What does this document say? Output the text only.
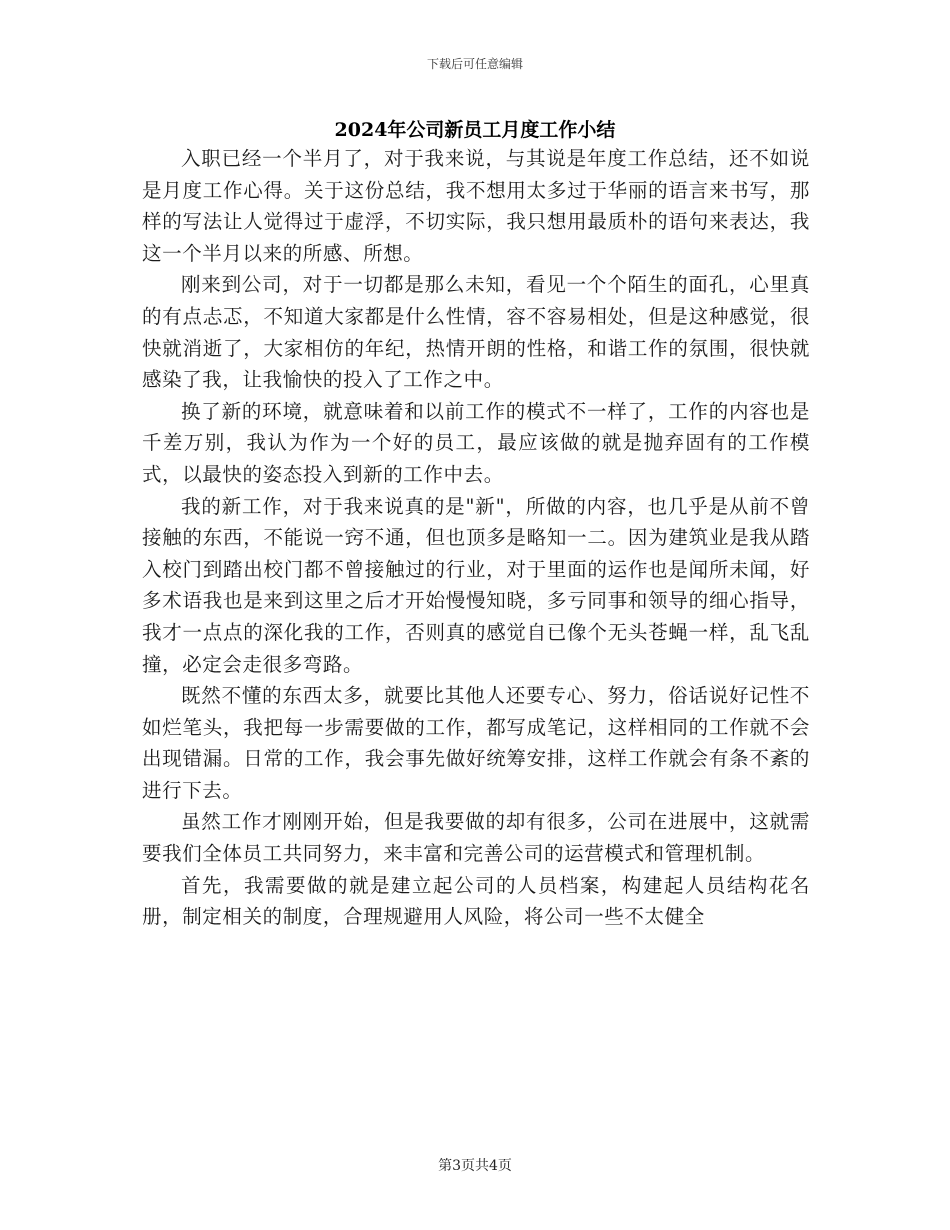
下载后可任意编辑
2024年公司新员工月度工作小结

入职已经一个半月了，对于我来说，与其说是年度工作总结，还不如说是月度工作心得。关于这份总结，我不想用太多过于华丽的语言来书写，那样的写法让人觉得过于虚浮，不切实际，我只想用最质朴的语句来表达，我这一个半月以来的所感、所想。

刚来到公司，对于一切都是那么未知，看见一个个陌生的面孔，心里真的有点忐忑，不知道大家都是什么性情，容不容易相处，但是这种感觉，很快就消逝了，大家相仿的年纪，热情开朗的性格，和谐工作的氛围，很快就感染了我，让我愉快的投入了工作之中。

换了新的环境，就意味着和以前工作的模式不一样了，工作的内容也是千差万别，我认为作为一个好的员工，最应该做的就是抛弃固有的工作模式，以最快的姿态投入到新的工作中去。

我的新工作，对于我来说真的是"新"，所做的内容，也几乎是从前不曾接触的东西，不能说一窍不通，但也顶多是略知一二。因为建筑业是我从踏入校门到踏出校门都不曾接触过的行业，对于里面的运作也是闻所未闻，好多术语我也是来到这里之后才开始慢慢知晓，多亏同事和领导的细心指导，我才一点点的深化我的工作，否则真的感觉自已像个无头苍蝇一样，乱飞乱撞，必定会走很多弯路。

既然不懂的东西太多，就要比其他人还要专心、努力，俗话说好记性不如烂笔头，我把每一步需要做的工作，都写成笔记，这样相同的工作就不会出现错漏。日常的工作，我会事先做好统筹安排，这样工作就会有条不紊的进行下去。

虽然工作才刚刚开始，但是我要做的却有很多，公司在进展中，这就需要我们全体员工共同努力，来丰富和完善公司的运营模式和管理机制。

首先，我需要做的就是建立起公司的人员档案，构建起人员结构花名册，制定相关的制度，合理规避用人风险，将公司一些不太健全

第3页共4页
